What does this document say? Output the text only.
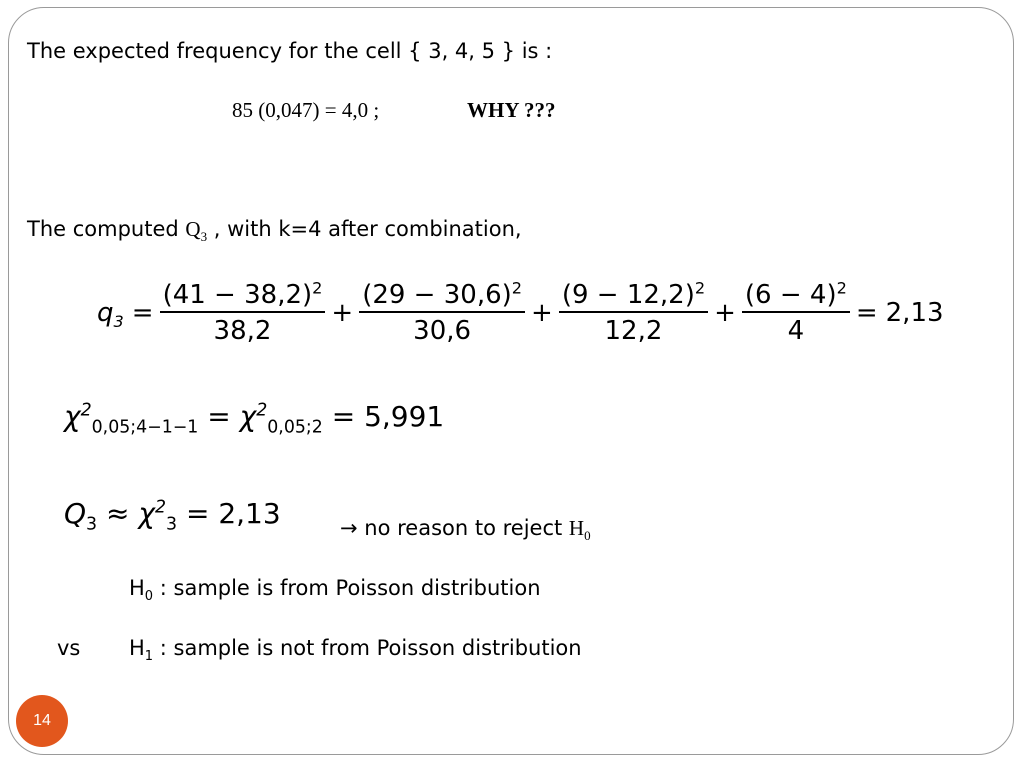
The expected frequency for the cell { 3, 4, 5 } is :
85 (0,047) = 4,0 ;	WHY ???
The computed $Q_3$ , with k=4 after combination,
$q_3 = \frac{(41 - 38,2)^2}{38,2} + \frac{(29 - 30,6)^2}{30,6} + \frac{(9 - 12,2)^2}{12,2} + \frac{(6 - 4)^2}{4} = 2,13$
$\chi^2_{0,05;4-1-1} = \chi^2_{0,05;2} = 5,991$
$Q_3 \approx \chi^2_3 = 2,13$	→ no reason to reject $H_0$
$H_0$ : sample is from Poisson distribution
vs $H_1$ : sample is not from Poisson distribution
14
